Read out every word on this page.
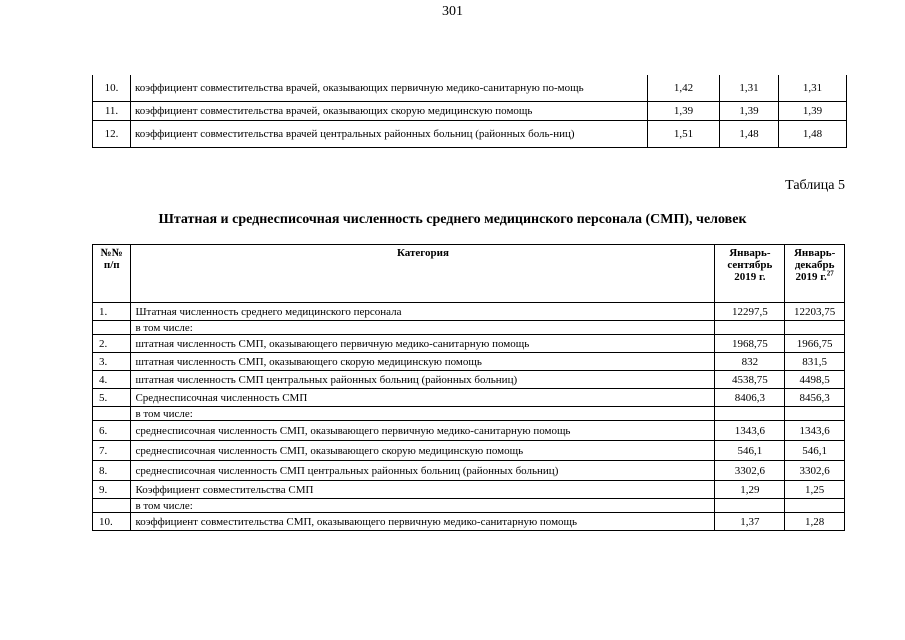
301
10.	коэффициент совместительства врачей, оказывающих первичную медико-санитарную по-мощь	1,42	1,31	1,31
11.	коэффициент совместительства врачей, оказывающих скорую медицинскую помощь	1,39	1,39	1,39
12.	коэффициент совместительства врачей центральных районных больниц (районных боль-ниц)	1,51	1,48	1,48
Таблица 5
Штатная и среднесписочная численность среднего медицинского персонала (СМП), человек
№№ п/п	Категория	Январь-сентябрь 2019 г.	Январь-декабрь 2019 г.$^{27}$
1.	Штатная численность среднего медицинского персонала	12297,5	12203,75
	в том числе:		
2.	штатная численность СМП, оказывающего первичную медико-санитарную помощь	1968,75	1966,75
3.	штатная численность СМП, оказывающего скорую медицинскую помощь	832	831,5
4.	штатная численность СМП центральных районных больниц (районных больниц)	4538,75	4498,5
5.	Среднесписочная численность СМП	8406,3	8456,3
	в том числе:		
6.	среднесписочная численность СМП, оказывающего первичную медико-санитарную помощь	1343,6	1343,6
7.	среднесписочная численность СМП, оказывающего скорую медицинскую помощь	546,1	546,1
8.	среднесписочная численность СМП центральных районных больниц (районных больниц)	3302,6	3302,6
9.	Коэффициент совместительства СМП	1,29	1,25
	в том числе:		
10.	коэффициент совместительства СМП, оказывающего первичную медико-санитарную помощь	1,37	1,28
